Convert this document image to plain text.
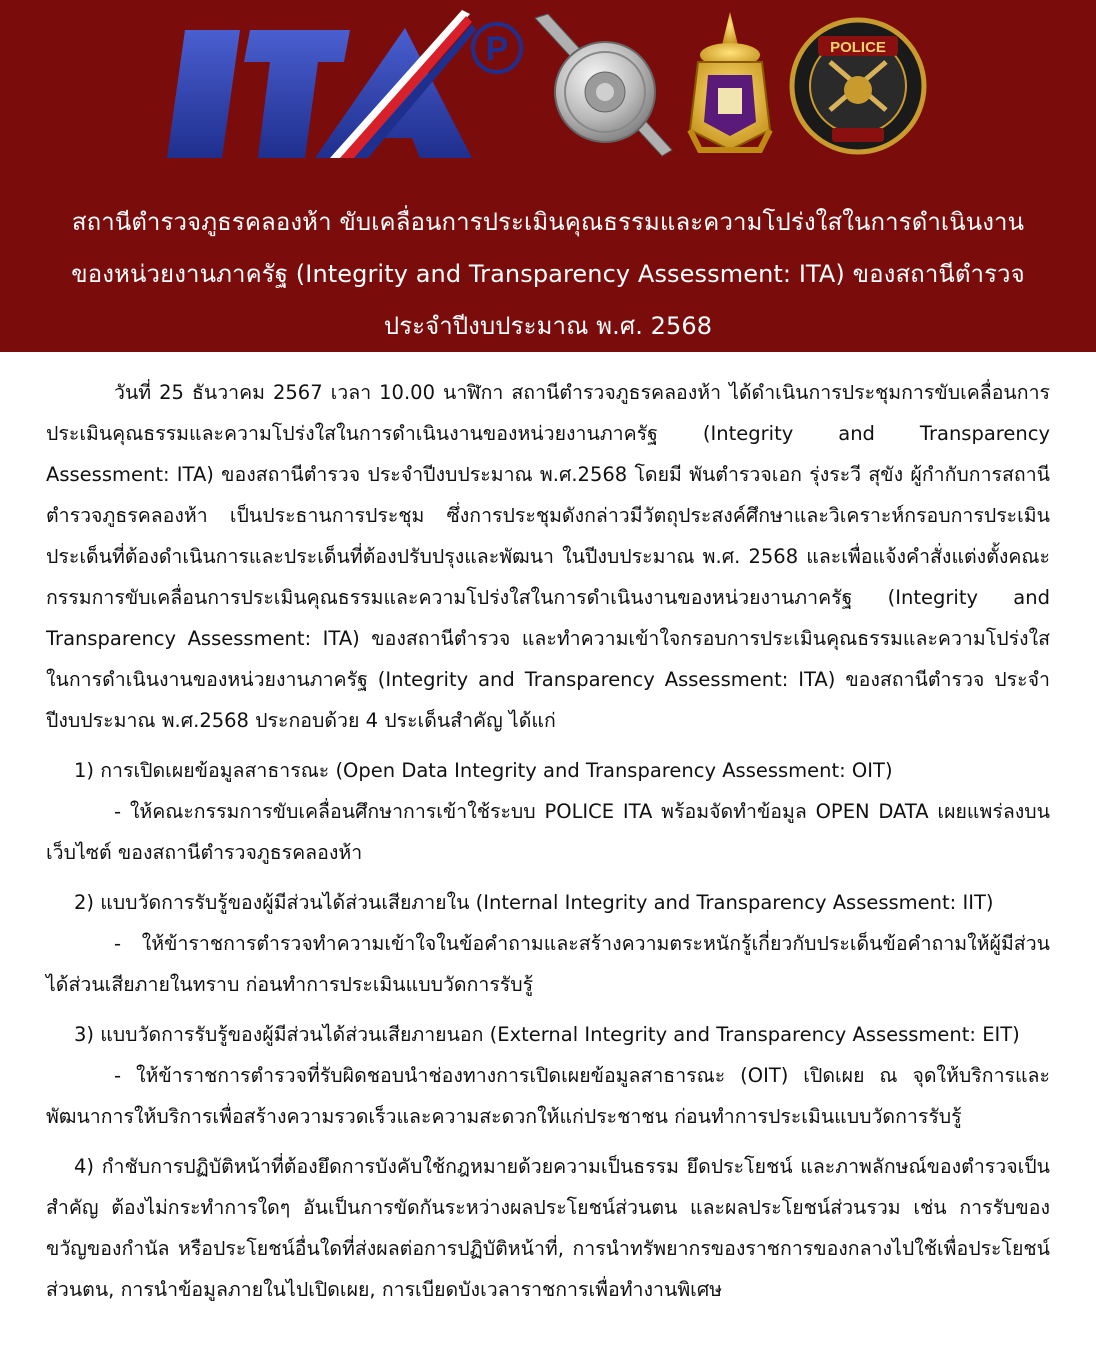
P	POLICE
สถานีตำรวจภูธรคลองห้า ขับเคลื่อนการประเมินคุณธรรมและความโปร่งใสในการดำเนินงาน
ของหน่วยงานภาครัฐ (Integrity and Transparency Assessment: ITA) ของสถานีตำรวจ
ประจำปีงบประมาณ พ.ศ. 2568

วันที่ 25 ธันวาคม 2567 เวลา 10.00 นาฬิกา สถานีตำรวจภูธรคลองห้า ได้ดำเนินการประชุมการขับเคลื่อนการประเมินคุณธรรมและความโปร่งใสในการดำเนินงานของหน่วยงานภาครัฐ (Integrity and Transparency Assessment: ITA) ของสถานีตำรวจ ประจำปีงบประมาณ พ.ศ.2568 โดยมี พันตำรวจเอก รุ่งระวี สุขัง ผู้กำกับการสถานีตำรวจภูธรคลองห้า เป็นประธานการประชุม ซึ่งการประชุมดังกล่าวมีวัตถุประสงค์ศึกษาและวิเคราะห์กรอบการประเมินประเด็นที่ต้องดำเนินการและประเด็นที่ต้องปรับปรุงและพัฒนา ในปีงบประมาณ พ.ศ. 2568 และเพื่อแจ้งคำสั่งแต่งตั้งคณะกรรมการขับเคลื่อนการประเมินคุณธรรมและความโปร่งใสในการดำเนินงานของหน่วยงานภาครัฐ (Integrity and Transparency Assessment: ITA) ของสถานีตำรวจ และทำความเข้าใจกรอบการประเมินคุณธรรมและความโปร่งใสในการดำเนินงานของหน่วยงานภาครัฐ (Integrity and Transparency Assessment: ITA) ของสถานีตำรวจ ประจำปีงบประมาณ พ.ศ.2568 ประกอบด้วย 4 ประเด็นสำคัญ ได้แก่

1) การเปิดเผยข้อมูลสาธารณะ (Open Data Integrity and Transparency Assessment: OIT)

- ให้คณะกรรมการขับเคลื่อนศึกษาการเข้าใช้ระบบ POLICE ITA พร้อมจัดทำข้อมูล OPEN DATA เผยแพร่ลงบนเว็บไซต์ ของสถานีตำรวจภูธรคลองห้า

2) แบบวัดการรับรู้ของผู้มีส่วนได้ส่วนเสียภายใน (Internal Integrity and Transparency Assessment: IIT)

- ให้ข้าราชการตำรวจทำความเข้าใจในข้อคำถามและสร้างความตระหนักรู้เกี่ยวกับประเด็นข้อคำถามให้ผู้มีส่วนได้ส่วนเสียภายในทราบ ก่อนทำการประเมินแบบวัดการรับรู้

3) แบบวัดการรับรู้ของผู้มีส่วนได้ส่วนเสียภายนอก (External Integrity and Transparency Assessment: EIT)

- ให้ข้าราชการตำรวจที่รับผิดชอบนำช่องทางการเปิดเผยข้อมูลสาธารณะ (OIT) เปิดเผย ณ จุดให้บริการและพัฒนาการให้บริการเพื่อสร้างความรวดเร็วและความสะดวกให้แก่ประชาชน ก่อนทำการประเมินแบบวัดการรับรู้

4) กำชับการปฏิบัติหน้าที่ต้องยึดการบังคับใช้กฎหมายด้วยความเป็นธรรม ยึดประโยชน์ และภาพลักษณ์ของตำรวจเป็นสำคัญ ต้องไม่กระทำการใดๆ อันเป็นการขัดกันระหว่างผลประโยชน์ส่วนตน และผลประโยชน์ส่วนรวม เช่น การรับของขวัญของกำนัล หรือประโยชน์อื่นใดที่ส่งผลต่อการปฏิบัติหน้าที่, การนำทรัพยากรของราชการของกลางไปใช้เพื่อประโยชน์ส่วนตน, การนำข้อมูลภายในไปเปิดเผย, การเบียดบังเวลาราชการเพื่อทำงานพิเศษ
